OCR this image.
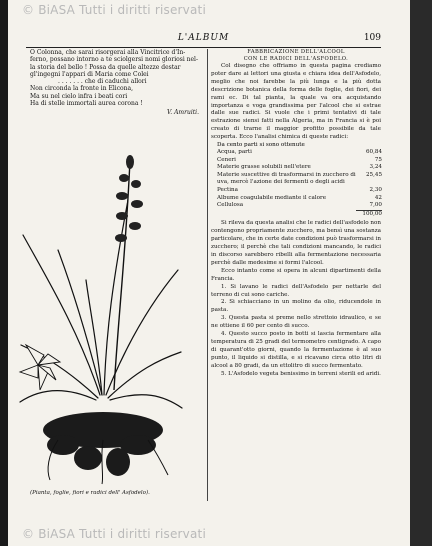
© BiASA Tutti i diritti riservati
L'ALBUM	109
O Colonna, che sarai risorgerai alla Vincitrice d'In-
ferno, possano intorno a te sciolgersi nomi gloriosi nel-
la storia del bello ! Possa da quelle altezze destar
gl'ingegni l'appari di Maria come Colei
. . . . . . . che di caduchi allori
Non circonda la fronte in Elicona,
Ma su nel cielo infra i beati cori
Ha di stelle immortali aurea corona !
V. Amruiti.
(Pianta, foglie, fiori e radici dell' Asfodelo).
FABBRICAZIONE DELL'ALCOOL
CON LE RADICI DELL'ASFODELO.

Col disegno che offriamo in questa pagina crediamo poter dare ai lettori una giusta e chiara idea dell'Asfodelo, meglio che noi farebbe la più lunga e la più dotta descrizione botanica della forma delle foglie, dei fiori, dei rami ec. Di tal pianta, la quale va ora acquistando importanza e voga grandissima per l'alcool che si estrae dalle sue radici. Si vuole che i primi tentativi di tale estrazione siensi fatti nella Algeria, ma in Francia si è poi creato di trarne il maggior profitto possibile da tale scoperta. Ecco l'analisi chimica di queste radici:

Da cento parti si sono ottenute
Acqua, parti	60,84
Ceneri	75
Materie grasse solubili nell'etere	3,24
Materie suscettive di trasformarsi in zucchero di uva, mercè l'azione dei fermenti o degli acidi	25,45
Pectina	2,30
Albume coagulabile mediante il calore	42
Cellulosa	7,00
	100,00

Si rileva da questa analisi che le radici dell'asfodelo non contengono propriamente zucchero, ma bensì una sostanza particolare, che in certe date condizioni può trasformarsi in zucchero; il perchè che tali condizioni mancando, le radici in discorso sarebbero ribelli alla fermentazione necessaria perchè dalle medesime si formi l'alcool.

Ecco intanto come si opera in alcuni dipartimenti della Francia.

1. Si lavano le radici dell'Asfodelo per nettarle del terreno di cui sono cariche.

2. Si schiacciano in un molino da olio, riducendole in pasta.

3. Questa pasta si preme nello strettoio idraulico, e se ne ottiene il 60 per cento di succo.

4. Questo succo posto in botti si lascia fermentare alla temperatura di 25 gradi del termometro centigrado. A capo di quarant'otto giorni, quando la fermentazione è al suo punto, il liquido si distilla, e si ricavano circa otto litri di alcool a 80 gradi, da un ettolitro di succo fermentato.

5. L'Asfodelo vegeta benissimo in terreni sterili ed aridi.

© BiASA Tutti i diritti riservati
